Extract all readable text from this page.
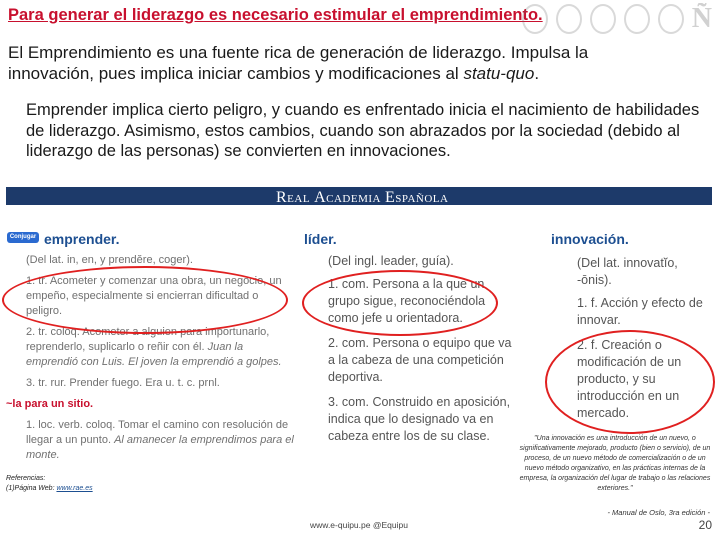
Para generar el liderazgo es necesario estimular el emprendimiento.	Ñ
El Emprendimiento es una fuente rica de generación de liderazgo. Impulsa la
innovación, pues implica iniciar cambios y modificaciones al statu-quo.
Emprender implica cierto peligro, y cuando es enfrentado inicia el nacimiento de habilidades de liderazgo. Asimismo, estos cambios, cuando son abrazados por la sociedad (debido al liderazgo de las personas) se convierten en innovaciones.
REAL ACADEMIA ESPAÑOLA
Conjugar emprender.
(Del lat. in, en, y prendĕre, coger).
1. tr. Acometer y comenzar una obra, un negocio, un empeño, especialmente si encierran dificultad o peligro.
2. tr. coloq. Acometer a alguien para importunarlo, reprenderlo, suplicarlo o reñir con él. Juan la emprendió con Luis. El joven la emprendió a golpes.
3. tr. rur. Prender fuego. Era u. t. c. prnl.
~la para un sitio.
1. loc. verb. coloq. Tomar el camino con resolución de llegar a un punto. Al amanecer la emprendimos para el monte.
líder.
(Del ingl. leader, guía).
1. com. Persona a la que un grupo sigue, reconociéndola como jefe u orientadora.
2. com. Persona o equipo que va a la cabeza de una competición deportiva.
3. com. Construido en aposición, indica que lo designado va en cabeza entre los de su clase.
innovación.
(Del lat. innovatĭo, -ōnis).
1. f. Acción y efecto de innovar.
2. f. Creación o modificación de un producto, y su introducción en un mercado.
"Una innovación es una introducción de un nuevo, o significativamente mejorado, producto (bien o servicio), de un proceso, de un nuevo método de comercialización o de un nuevo método organizativo, en las prácticas internas de la empresa, la organización del lugar de trabajo o las relaciones exteriores."
- Manual de Oslo, 3ra edición -
Referencias:
(1)Página Web: www.rae.es
www.e-quipu.pe @Equipu	20
